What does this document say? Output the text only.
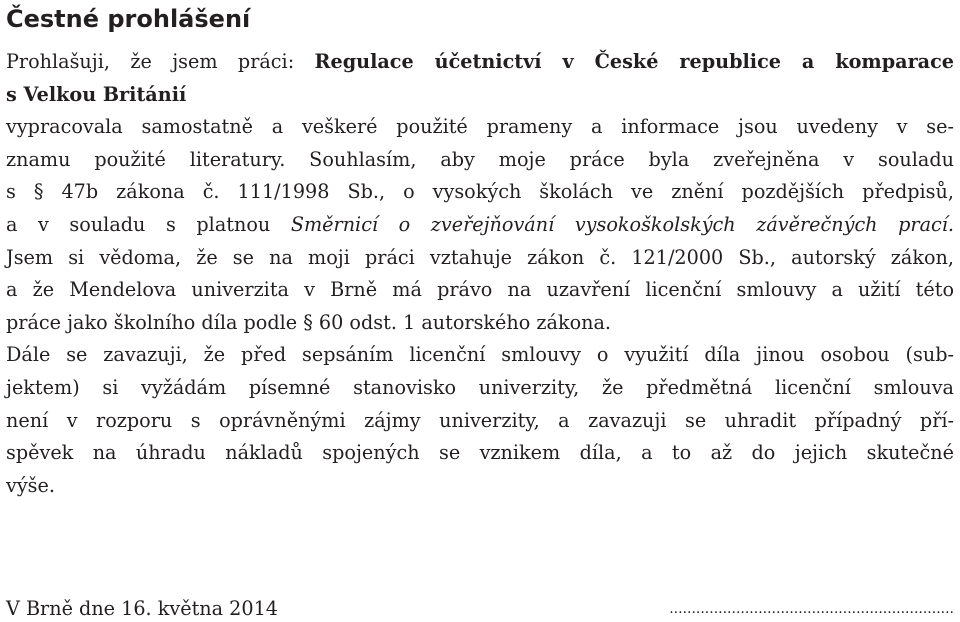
Čestné prohlášení
Prohlašuji, že jsem práci: Regulace účetnictví v České republice a komparace
s Velkou Británií
vypracovala samostatně a veškeré použité prameny a informace jsou uvedeny v se-
znamu použité literatury. Souhlasím, aby moje práce byla zveřejněna v souladu
s § 47b zákona č. 111/1998 Sb., o vysokých školách ve znění pozdějších předpisů,
a v souladu s platnou Směrnicí o zveřejňování vysokoškolských závěrečných prací.
Jsem si vědoma, že se na moji práci vztahuje zákon č. 121/2000 Sb., autorský zákon,
a že Mendelova univerzita v Brně má právo na uzavření licenční smlouvy a užití této
práce jako školního díla podle § 60 odst. 1 autorského zákona.
Dále se zavazuji, že před sepsáním licenční smlouvy o využití díla jinou osobou (sub-
jektem) si vyžádám písemné stanovisko univerzity, že předmětná licenční smlouva
není v rozporu s oprávněnými zájmy univerzity, a zavazuji se uhradit případný pří-
spěvek na úhradu nákladů spojených se vznikem díla, a to až do jejich skutečné
výše.
V Brně dne 16. května 2014	................................................................
